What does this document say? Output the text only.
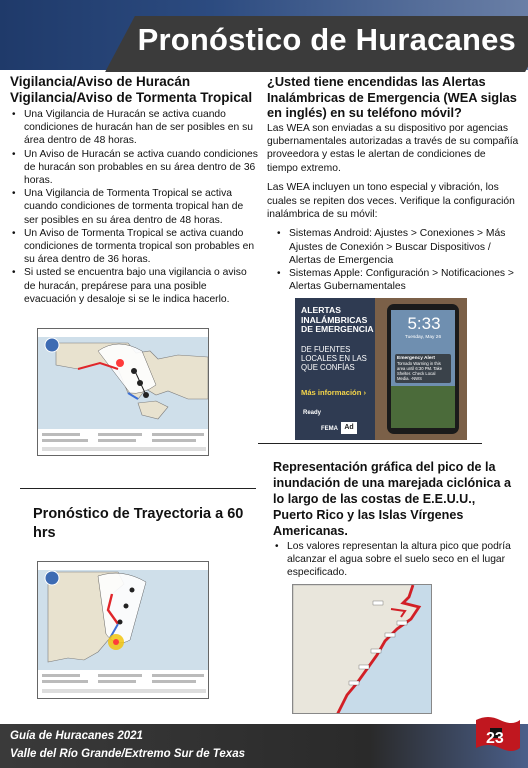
Pronóstico de Huracanes
Vigilancia/Aviso de Huracán
Vigilancia/Aviso de Tormenta Tropical
• Una Vigilancia de Huracán se activa cuando condiciones de huracán han de ser posibles en su área dentro de 48 horas.
• Un Aviso de Huracán se activa cuando condiciones de huracán son probables en su área dentro de 36 horas.
• Una Vigilancia de Tormenta Tropical se activa cuando condiciones de tormenta tropical han de ser posibles en su área dentro de 48 horas.
• Un Aviso de Tormenta Tropical se activa cuando condiciones de tormenta tropical son probables en su área dentro de 36 horas.
• Si usted se encuentra bajo una vigilancia o aviso de huracán, prepárese para una posible evacuación y desaloje si se le indica hacerlo.
¿Usted tiene encendidas las Alertas Inalámbricas de Emergencia (WEA siglas en inglés) en su teléfono móvil?
Las WEA son enviadas a su dispositivo por agencias gubernamentales autorizadas a través de su compañía proveedora y estas le alertan de condiciones de tiempo extremo.
Las WEA incluyen un tono especial y vibración, los cuales se repiten dos veces. Verifique la configuración inalámbrica de su móvil:
• Sistemas Android: Ajustes > Conexiones > Más Ajustes de Conexión > Buscar Dispositivos / Alertas de Emergencia
• Sistemas Apple: Configuración > Notificaciones > Alertas Gubernamentales
ALERTAS INALÁMBRICAS DE EMERGENCIA
DE FUENTES LOCALES EN LAS QUE CONFÍAS
Más información ›
Ready
FEMA Ad
5:33
Tuesday, May 26
Emergency Alert
Tornado Warning in this area until 6:30 PM. Take Shelter. Check Local Media. -NWS
Pronóstico de Trayectoria a 60 hrs
Representación gráfica del pico de la inundación de una marejada ciclónica a lo largo de las costas de E.E.U.U., Puerto Rico y las Islas Vírgenes Americanas.
• Los valores representan la altura pico que podría alcanzar el agua sobre el suelo seco en el lugar especificado.
Guía de Huracanes 2021
Valle del Río Grande/Extremo Sur de Texas
23
